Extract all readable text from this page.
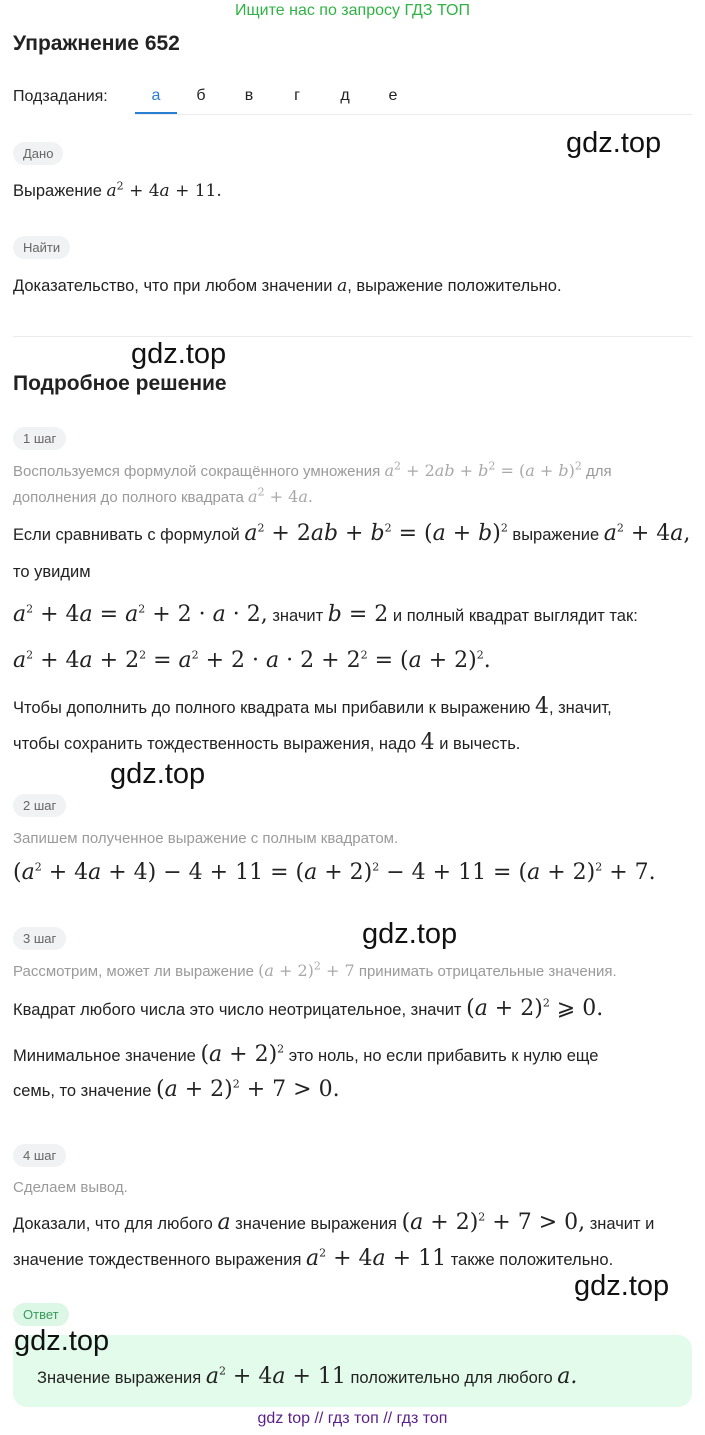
Ищите нас по запросу ГДЗ ТОП
Упражнение 652
Подзадания:	а	б	в	г	д	е
Дано
Выражение $a^2 + 4a + 11$.
Найти
Доказательство, что при любом значении a, выражение положительно.
Подробное решение
1 шаг
Воспользуемся формулой сокращённого умножения $a^2 + 2ab + b^2 = (a + b)^2$ для
дополнения до полного квадрата $a^2 + 4a$.
Если сравнивать с формулой $a^2 + 2ab + b^2 = (a + b)^2$ выражение $a^2 + 4a$,
то увидим
$a^2 + 4a = a^2 + 2 \cdot a \cdot 2$, значит b = 2 и полный квадрат выглядит так:
$a^2 + 4a + 2^2 = a^2 + 2 \cdot a \cdot 2 + 2^2 = (a + 2)^2$.
Чтобы дополнить до полного квадрата мы прибавили к выражению 4, значит,
чтобы сохранить тождественность выражения, надо 4 и вычесть.
2 шаг
Запишем полученное выражение с полным квадратом.
$(a^2 + 4a + 4) - 4 + 11 = (a + 2)^2 - 4 + 11 = (a + 2)^2 + 7$.
3 шаг
Рассмотрим, может ли выражение $(a + 2)^2 + 7$ принимать отрицательные значения.
Квадрат любого числа это число неотрицательное, значит $(a + 2)^2$ ⩾ 0.
Минимальное значение $(a + 2)^2$ это ноль, но если прибавить к нулю еще
семь, то значение $(a + 2)^2 + 7 > 0$.
4 шаг
Сделаем вывод.
Доказали, что для любого a значение выражения $(a + 2)^2 + 7 > 0$, значит и
значение тождественного выражения $a^2 + 4a + 11$ также положительно.
Ответ
Значение выражения $a^2 + 4a + 11$ положительно для любого a.
gdz.top
gdz.top
gdz.top
gdz.top
gdz.top
gdz.top
gdz top // гдз топ // гдз топ
